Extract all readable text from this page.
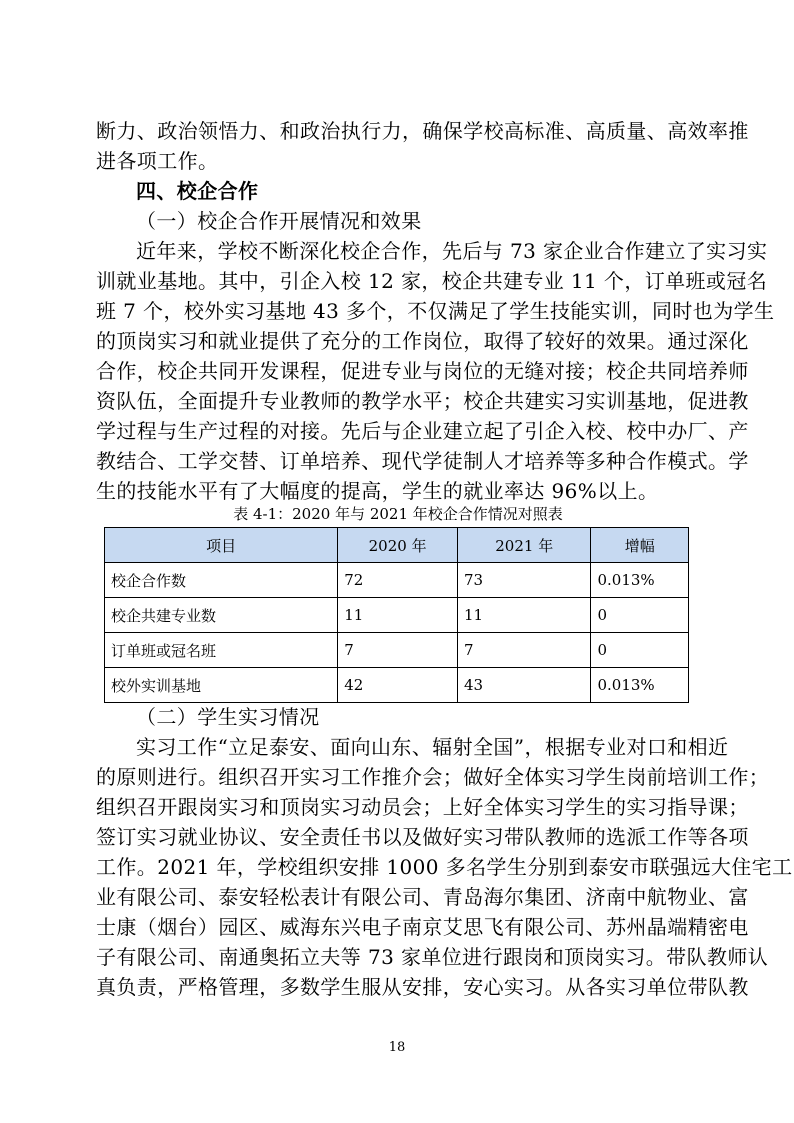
断力、政治领悟力、和政治执行力，确保学校高标准、高质量、高效率推
进各项工作。
四、校企合作
（一）校企合作开展情况和效果
近年来，学校不断深化校企合作，先后与 73 家企业合作建立了实习实
训就业基地。其中，引企入校 12 家，校企共建专业 11 个，订单班或冠名
班 7 个，校外实习基地 43 多个，不仅满足了学生技能实训，同时也为学生
的顶岗实习和就业提供了充分的工作岗位，取得了较好的效果。通过深化
合作，校企共同开发课程，促进专业与岗位的无缝对接；校企共同培养师
资队伍，全面提升专业教师的教学水平；校企共建实习实训基地，促进教
学过程与生产过程的对接。先后与企业建立起了引企入校、校中办厂、产
教结合、工学交替、订单培养、现代学徒制人才培养等多种合作模式。学
生的技能水平有了大幅度的提高，学生的就业率达 96%以上。
表 4-1：2020 年与 2021 年校企合作情况对照表
项目	2020 年	2021 年	增幅
校企合作数	72	73	0.013%
校企共建专业数	11	11	0
订单班或冠名班	7	7	0
校外实训基地	42	43	0.013%
（二）学生实习情况
实习工作“立足泰安、面向山东、辐射全国”，根据专业对口和相近
的原则进行。组织召开实习工作推介会；做好全体实习学生岗前培训工作；
组织召开跟岗实习和顶岗实习动员会；上好全体实习学生的实习指导课；
签订实习就业协议、安全责任书以及做好实习带队教师的选派工作等各项
工作。2021 年，学校组织安排 1000 多名学生分别到泰安市联强远大住宅工
业有限公司、泰安轻松表计有限公司、青岛海尔集团、济南中航物业、富
士康（烟台）园区、威海东兴电子南京艾思飞有限公司、苏州晶端精密电
子有限公司、南通奥拓立夫等 73 家单位进行跟岗和顶岗实习。带队教师认
真负责，严格管理，多数学生服从安排，安心实习。从各实习单位带队教
18
